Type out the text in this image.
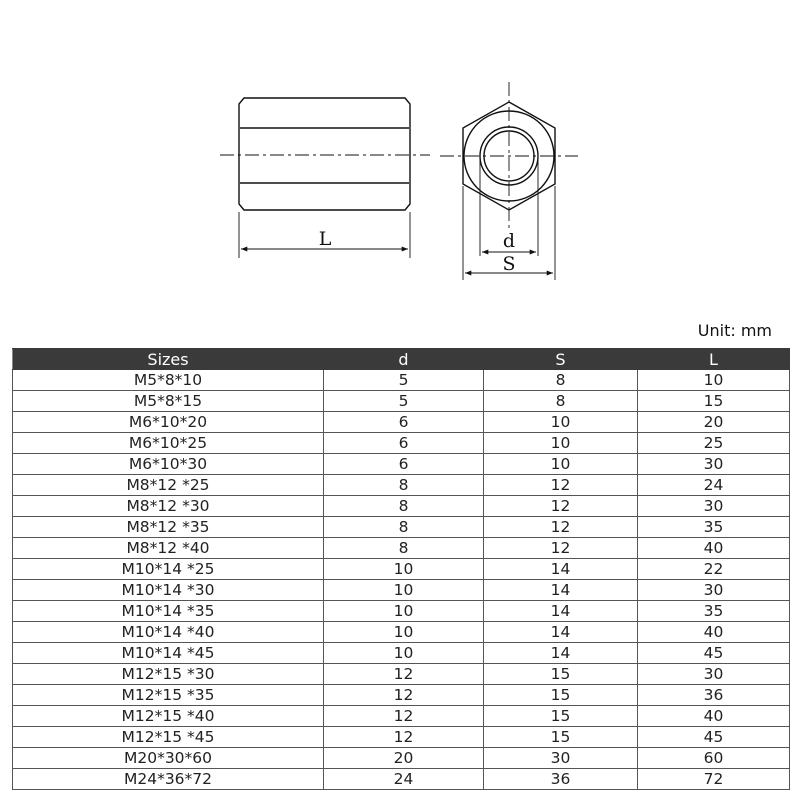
L	d
S
Unit: mm
Sizes	d	S	L
M5*8*10	5	8	10
M5*8*15	5	8	15
M6*10*20	6	10	20
M6*10*25	6	10	25
M6*10*30	6	10	30
M8*12 *25	8	12	24
M8*12 *30	8	12	30
M8*12 *35	8	12	35
M8*12 *40	8	12	40
M10*14 *25	10	14	22
M10*14 *30	10	14	30
M10*14 *35	10	14	35
M10*14 *40	10	14	40
M10*14 *45	10	14	45
M12*15 *30	12	15	30
M12*15 *35	12	15	36
M12*15 *40	12	15	40
M12*15 *45	12	15	45
M20*30*60	20	30	60
M24*36*72	24	36	72
